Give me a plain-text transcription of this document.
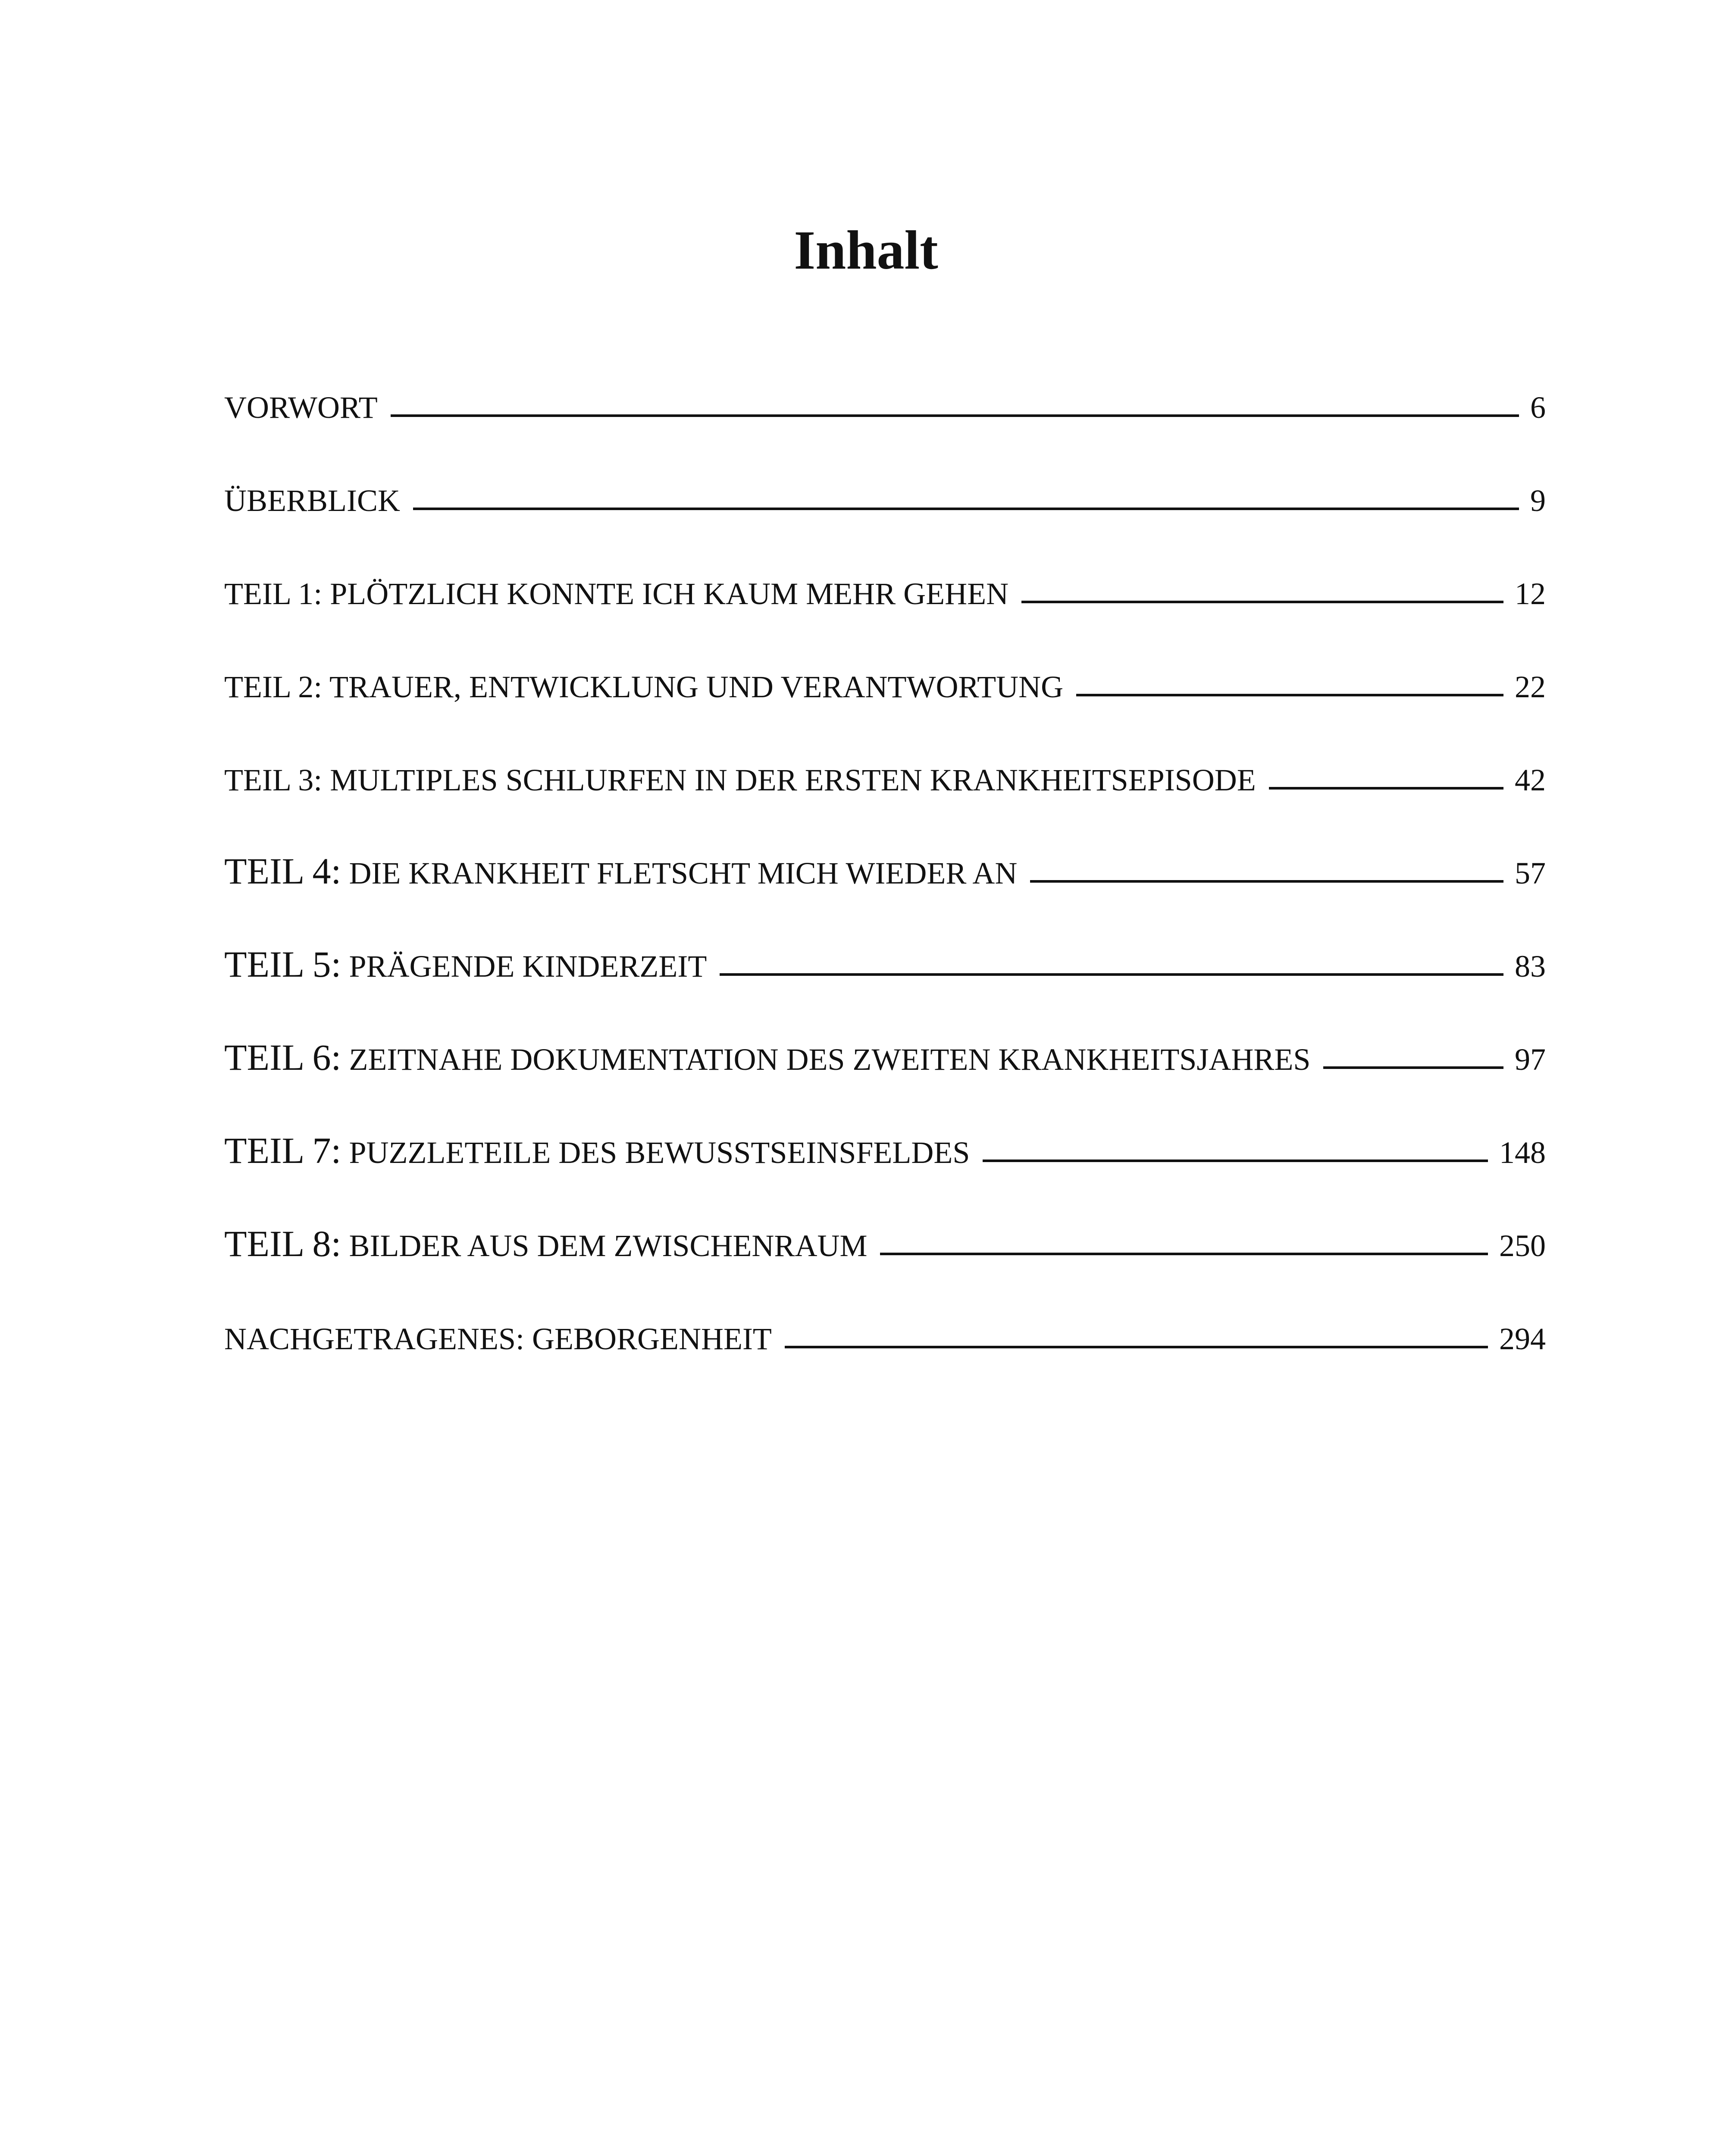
Inhalt
VORWORT	6
ÜBERBLICK	9
TEIL 1: PLÖTZLICH KONNTE ICH KAUM MEHR GEHEN	12
TEIL 2: TRAUER, ENTWICKLUNG UND VERANTWORTUNG	22
TEIL 3: MULTIPLES SCHLURFEN IN DER ERSTEN KRANKHEITSEPISODE	42
TEIL 4: DIE KRANKHEIT FLETSCHT MICH WIEDER AN	57
TEIL 5: PRÄGENDE KINDERZEIT	83
TEIL 6: ZEITNAHE DOKUMENTATION DES ZWEITEN KRANKHEITSJAHRES	97
TEIL 7: PUZZLETEILE DES BEWUSSTSEINSFELDES	148
TEIL 8: BILDER AUS DEM ZWISCHENRAUM	250
NACHGETRAGENES: GEBORGENHEIT	294
